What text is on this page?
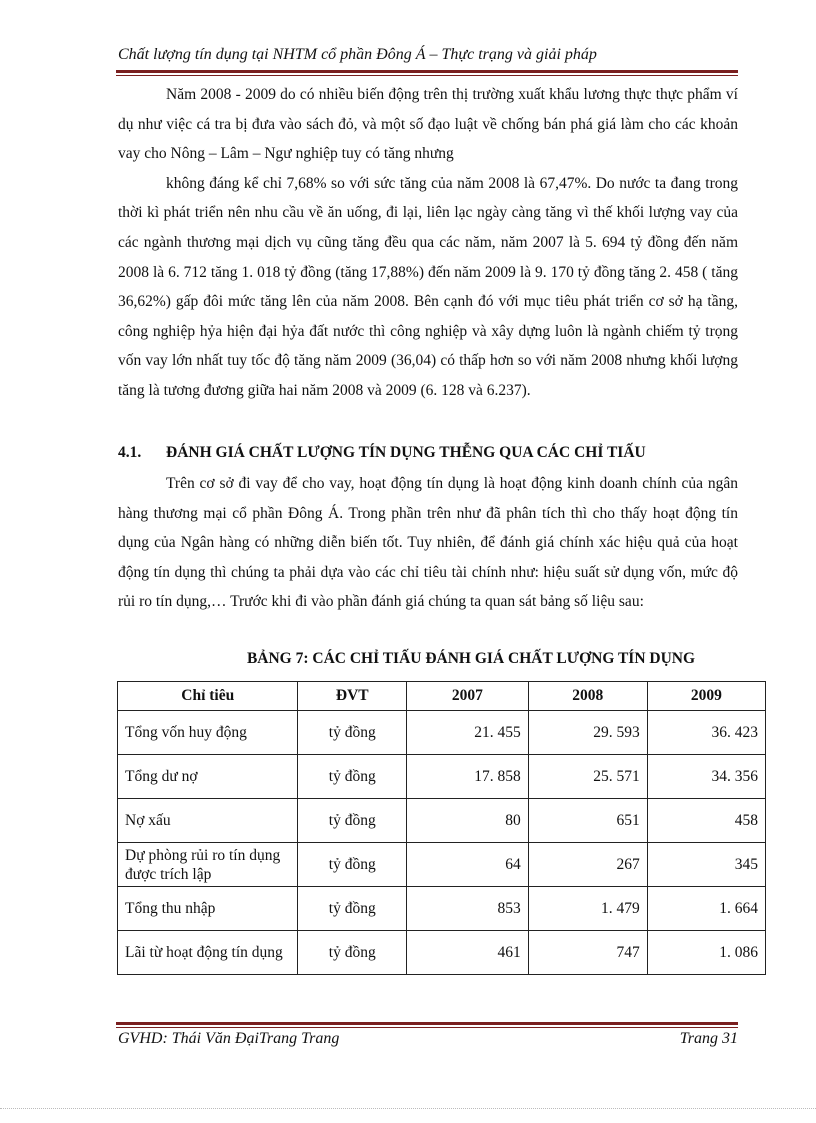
Chất lượng tín dụng tại NHTM cổ phần Đông Á – Thực trạng và giải pháp

Năm 2008 - 2009 do có nhiều biến động trên thị trường xuất khẩu lương thực thực phẩm ví dụ như việc cá tra bị đưa vào sách đỏ, và một số đạo luật về chống bán phá giá làm cho các khoản vay cho Nông – Lâm – Ngư nghiệp tuy có tăng nhưng

không đáng kể chỉ 7,68% so với sức tăng của năm 2008 là 67,47%. Do nước ta đang trong thời kì phát triển nên nhu cầu về ăn uống, đi lại, liên lạc ngày càng tăng vì thế khối lượng vay của các ngành thương mại dịch vụ cũng tăng đều qua các năm, năm 2007 là 5. 694 tỷ đồng đến năm 2008 là 6. 712 tăng 1. 018 tỷ đồng (tăng 17,88%) đến năm 2009 là 9. 170 tỷ đồng tăng 2. 458 ( tăng 36,62%) gấp đôi mức tăng lên của năm 2008. Bên cạnh đó với mục tiêu phát triển cơ sở hạ tầng, công nghiệp hỷa hiện đại hỷa đất nước thì công nghiệp và xây dựng luôn là ngành chiếm tỷ trọng vốn vay lớn nhất tuy tốc độ tăng năm 2009 (36,04) có thấp hơn so với năm 2008 nhưng khối lượng tăng là tương đương giữa hai năm 2008 và 2009 (6. 128 và 6.237).

4.1. ĐÁNH GIÁ CHẤT LƯỢNG TÍN DỤNG THỄNG QUA CÁC CHỈ TIẤU

Trên cơ sở đi vay để cho vay, hoạt động tín dụng là hoạt động kinh doanh chính của ngân hàng thương mại cổ phần Đông Á. Trong phần trên như đã phân tích thì cho thấy hoạt động tín dụng của Ngân hàng có những diễn biến tốt. Tuy nhiên, để đánh giá chính xác hiệu quả của hoạt động tín dụng thì chúng ta phải dựa vào các chỉ tiêu tài chính như: hiệu suất sử dụng vốn, mức độ rủi ro tín dụng,… Trước khi đi vào phần đánh giá chúng ta quan sát bảng số liệu sau:

BẢNG 7: CÁC CHỈ TIẤU ĐÁNH GIÁ CHẤT LƯỢNG TÍN DỤNG
Chỉ tiêu	ĐVT	2007	2008	2009
Tổng vốn huy động	tỷ đồng	21. 455	29. 593	36. 423
Tổng dư nợ	tỷ đồng	17. 858	25. 571	34. 356
Nợ xấu	tỷ đồng	80	651	458
Dự phòng rủi ro tín dụng được trích lập	tỷ đồng	64	267	345
Tổng thu nhập	tỷ đồng	853	1. 479	1. 664
Lãi từ hoạt động tín dụng	tỷ đồng	461	747	1. 086
GVHD: Thái Văn ĐạiTrang Trang	Trang 31
